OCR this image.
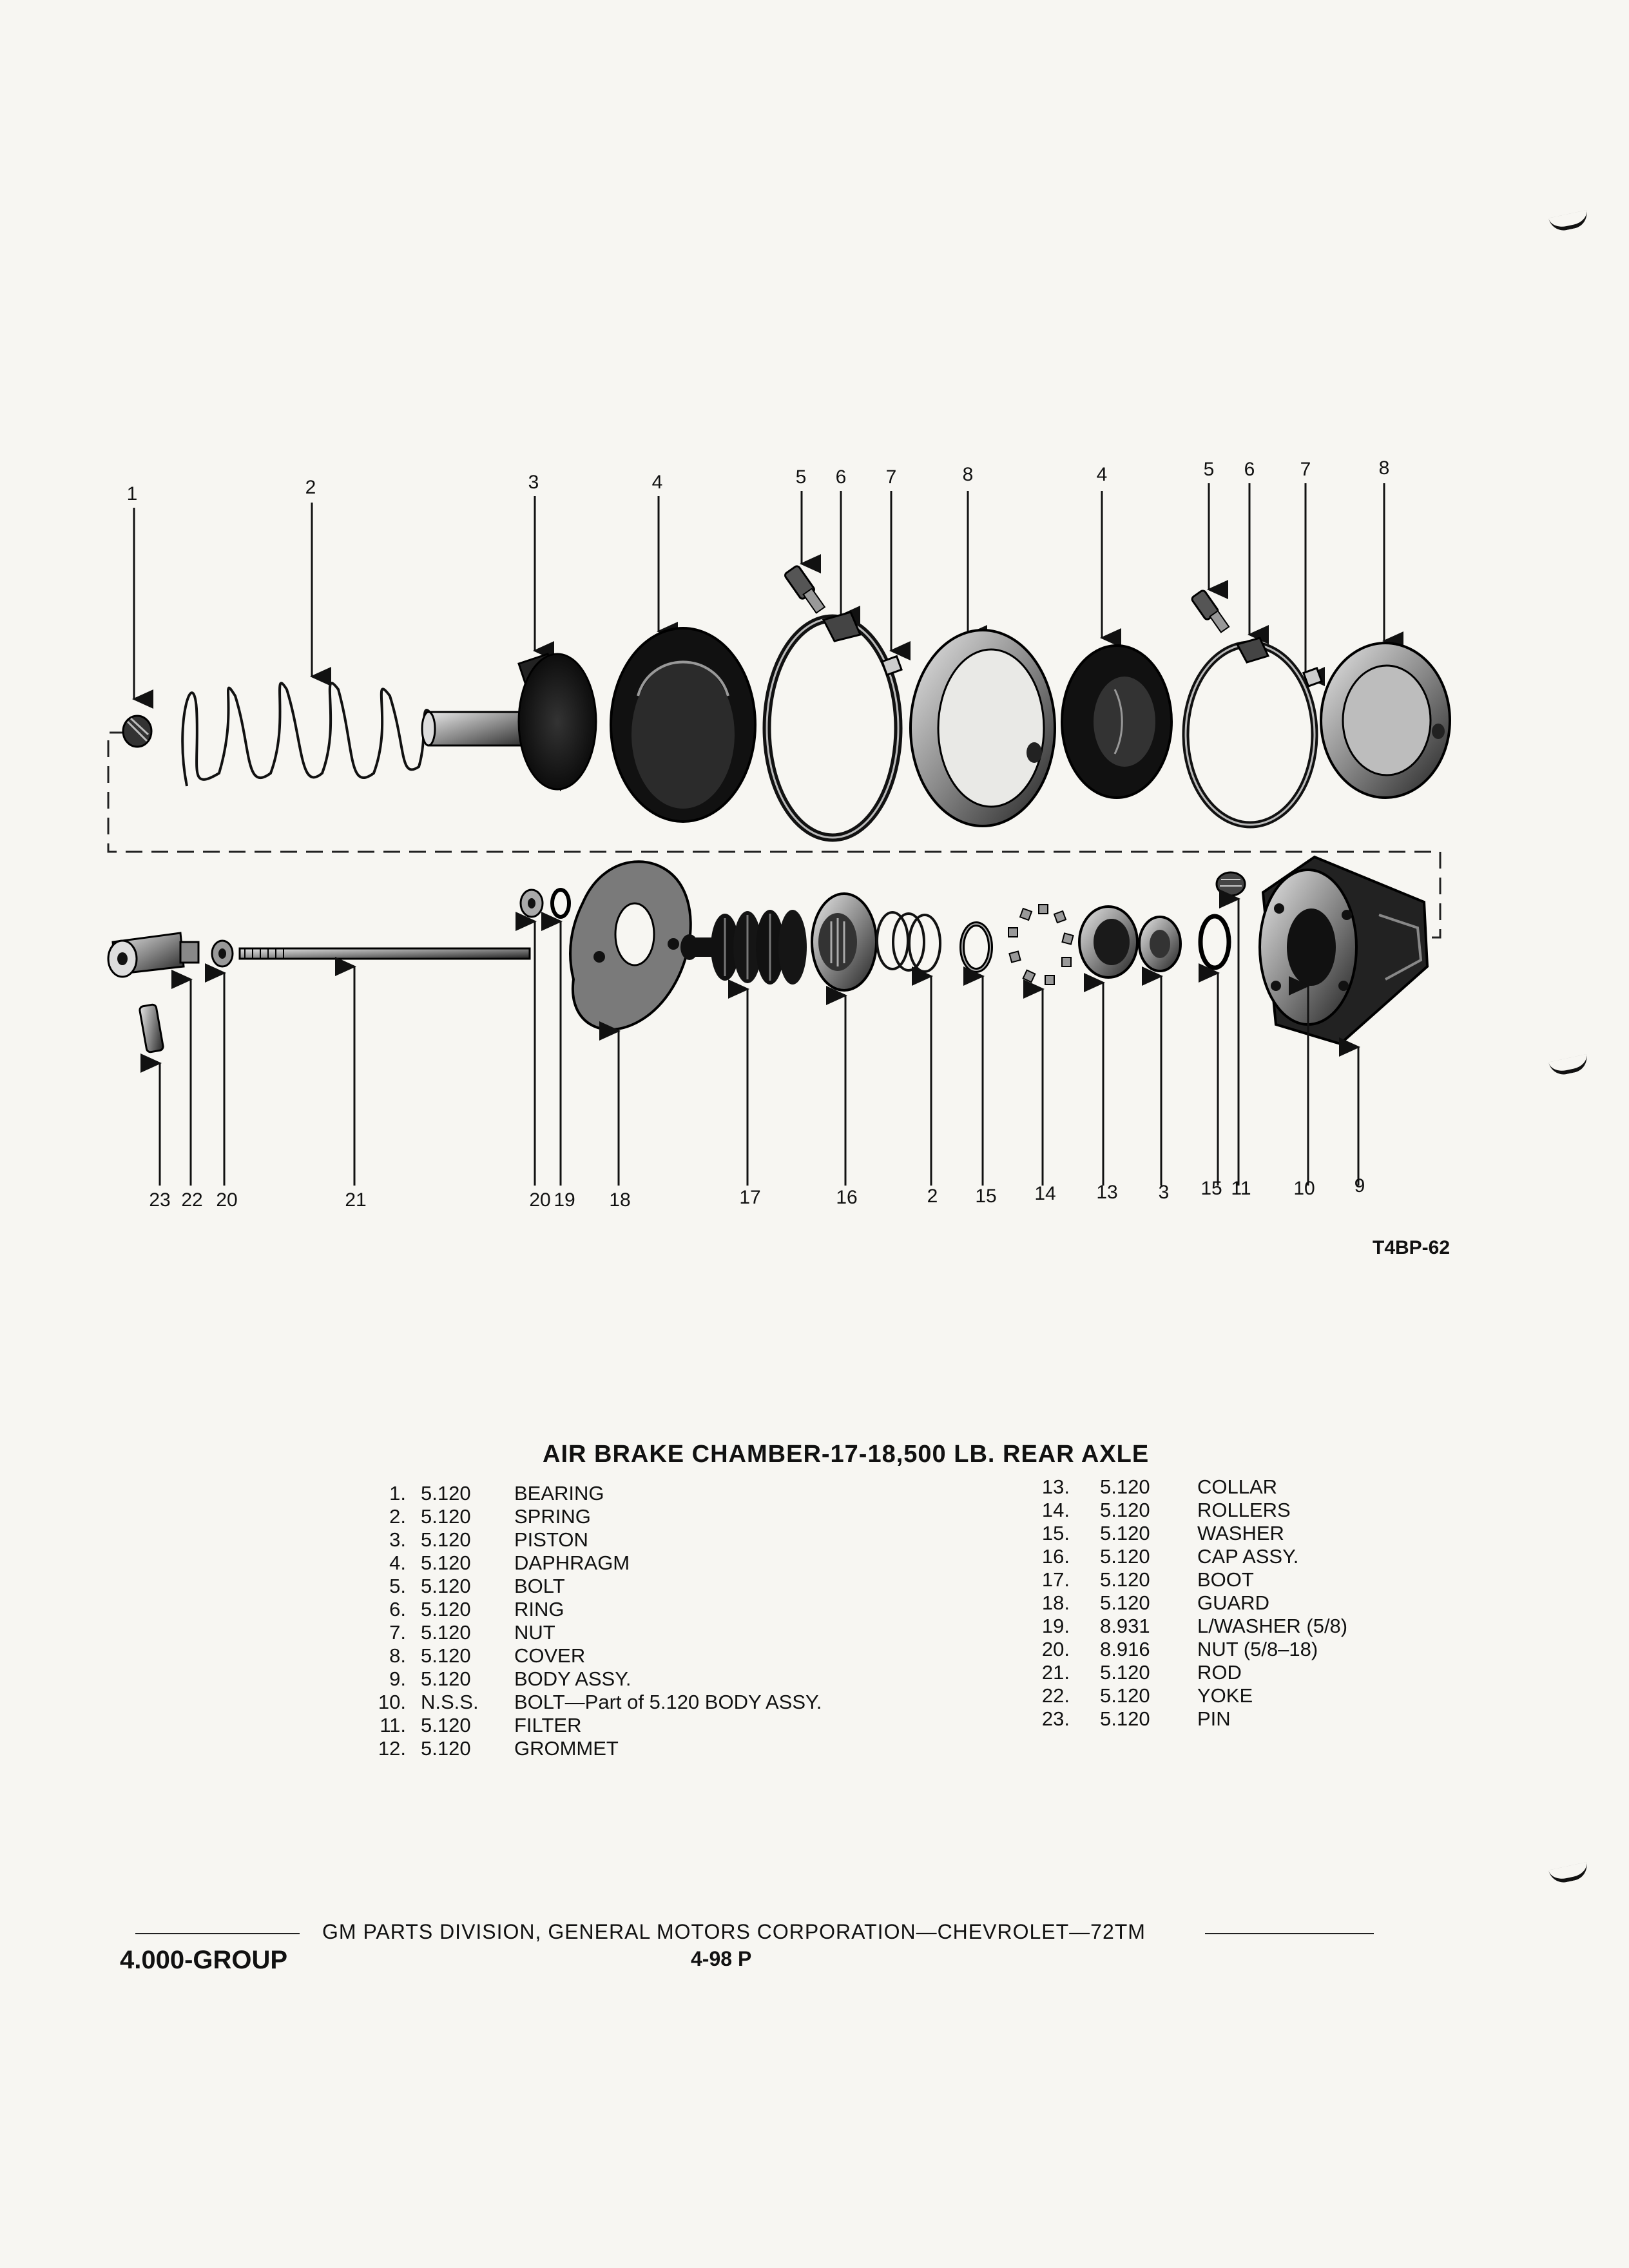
1	2	3	4	5 6 7	8	4	5 6 7	8
23 22 20	21	20 19 18	17	16	2 15 14 13 3 15 11 10 9
T4BP-62
AIR BRAKE CHAMBER-17-18,500 LB. REAR AXLE
1. 5.120 BEARING
2. 5.120 SPRING
3. 5.120 PISTON
4. 5.120 DAPHRAGM
5. 5.120 BOLT
6. 5.120 RING
7. 5.120 NUT
8. 5.120 COVER
9. 5.120 BODY ASSY.
10. N.S.S. BOLT—Part of 5.120 BODY ASSY.
11. 5.120 FILTER
12. 5.120 GROMMET
13. 5.120 COLLAR
14. 5.120 ROLLERS
15. 5.120 WASHER
16. 5.120 CAP ASSY.
17. 5.120 BOOT
18. 5.120 GUARD
19. 8.931 L/WASHER (5/8)
20. 8.916 NUT (5/8–18)
21. 5.120 ROD
22. 5.120 YOKE
23. 5.120 PIN
GM PARTS DIVISION, GENERAL MOTORS CORPORATION—CHEVROLET—72TM
4.000-GROUP	4-98 P
